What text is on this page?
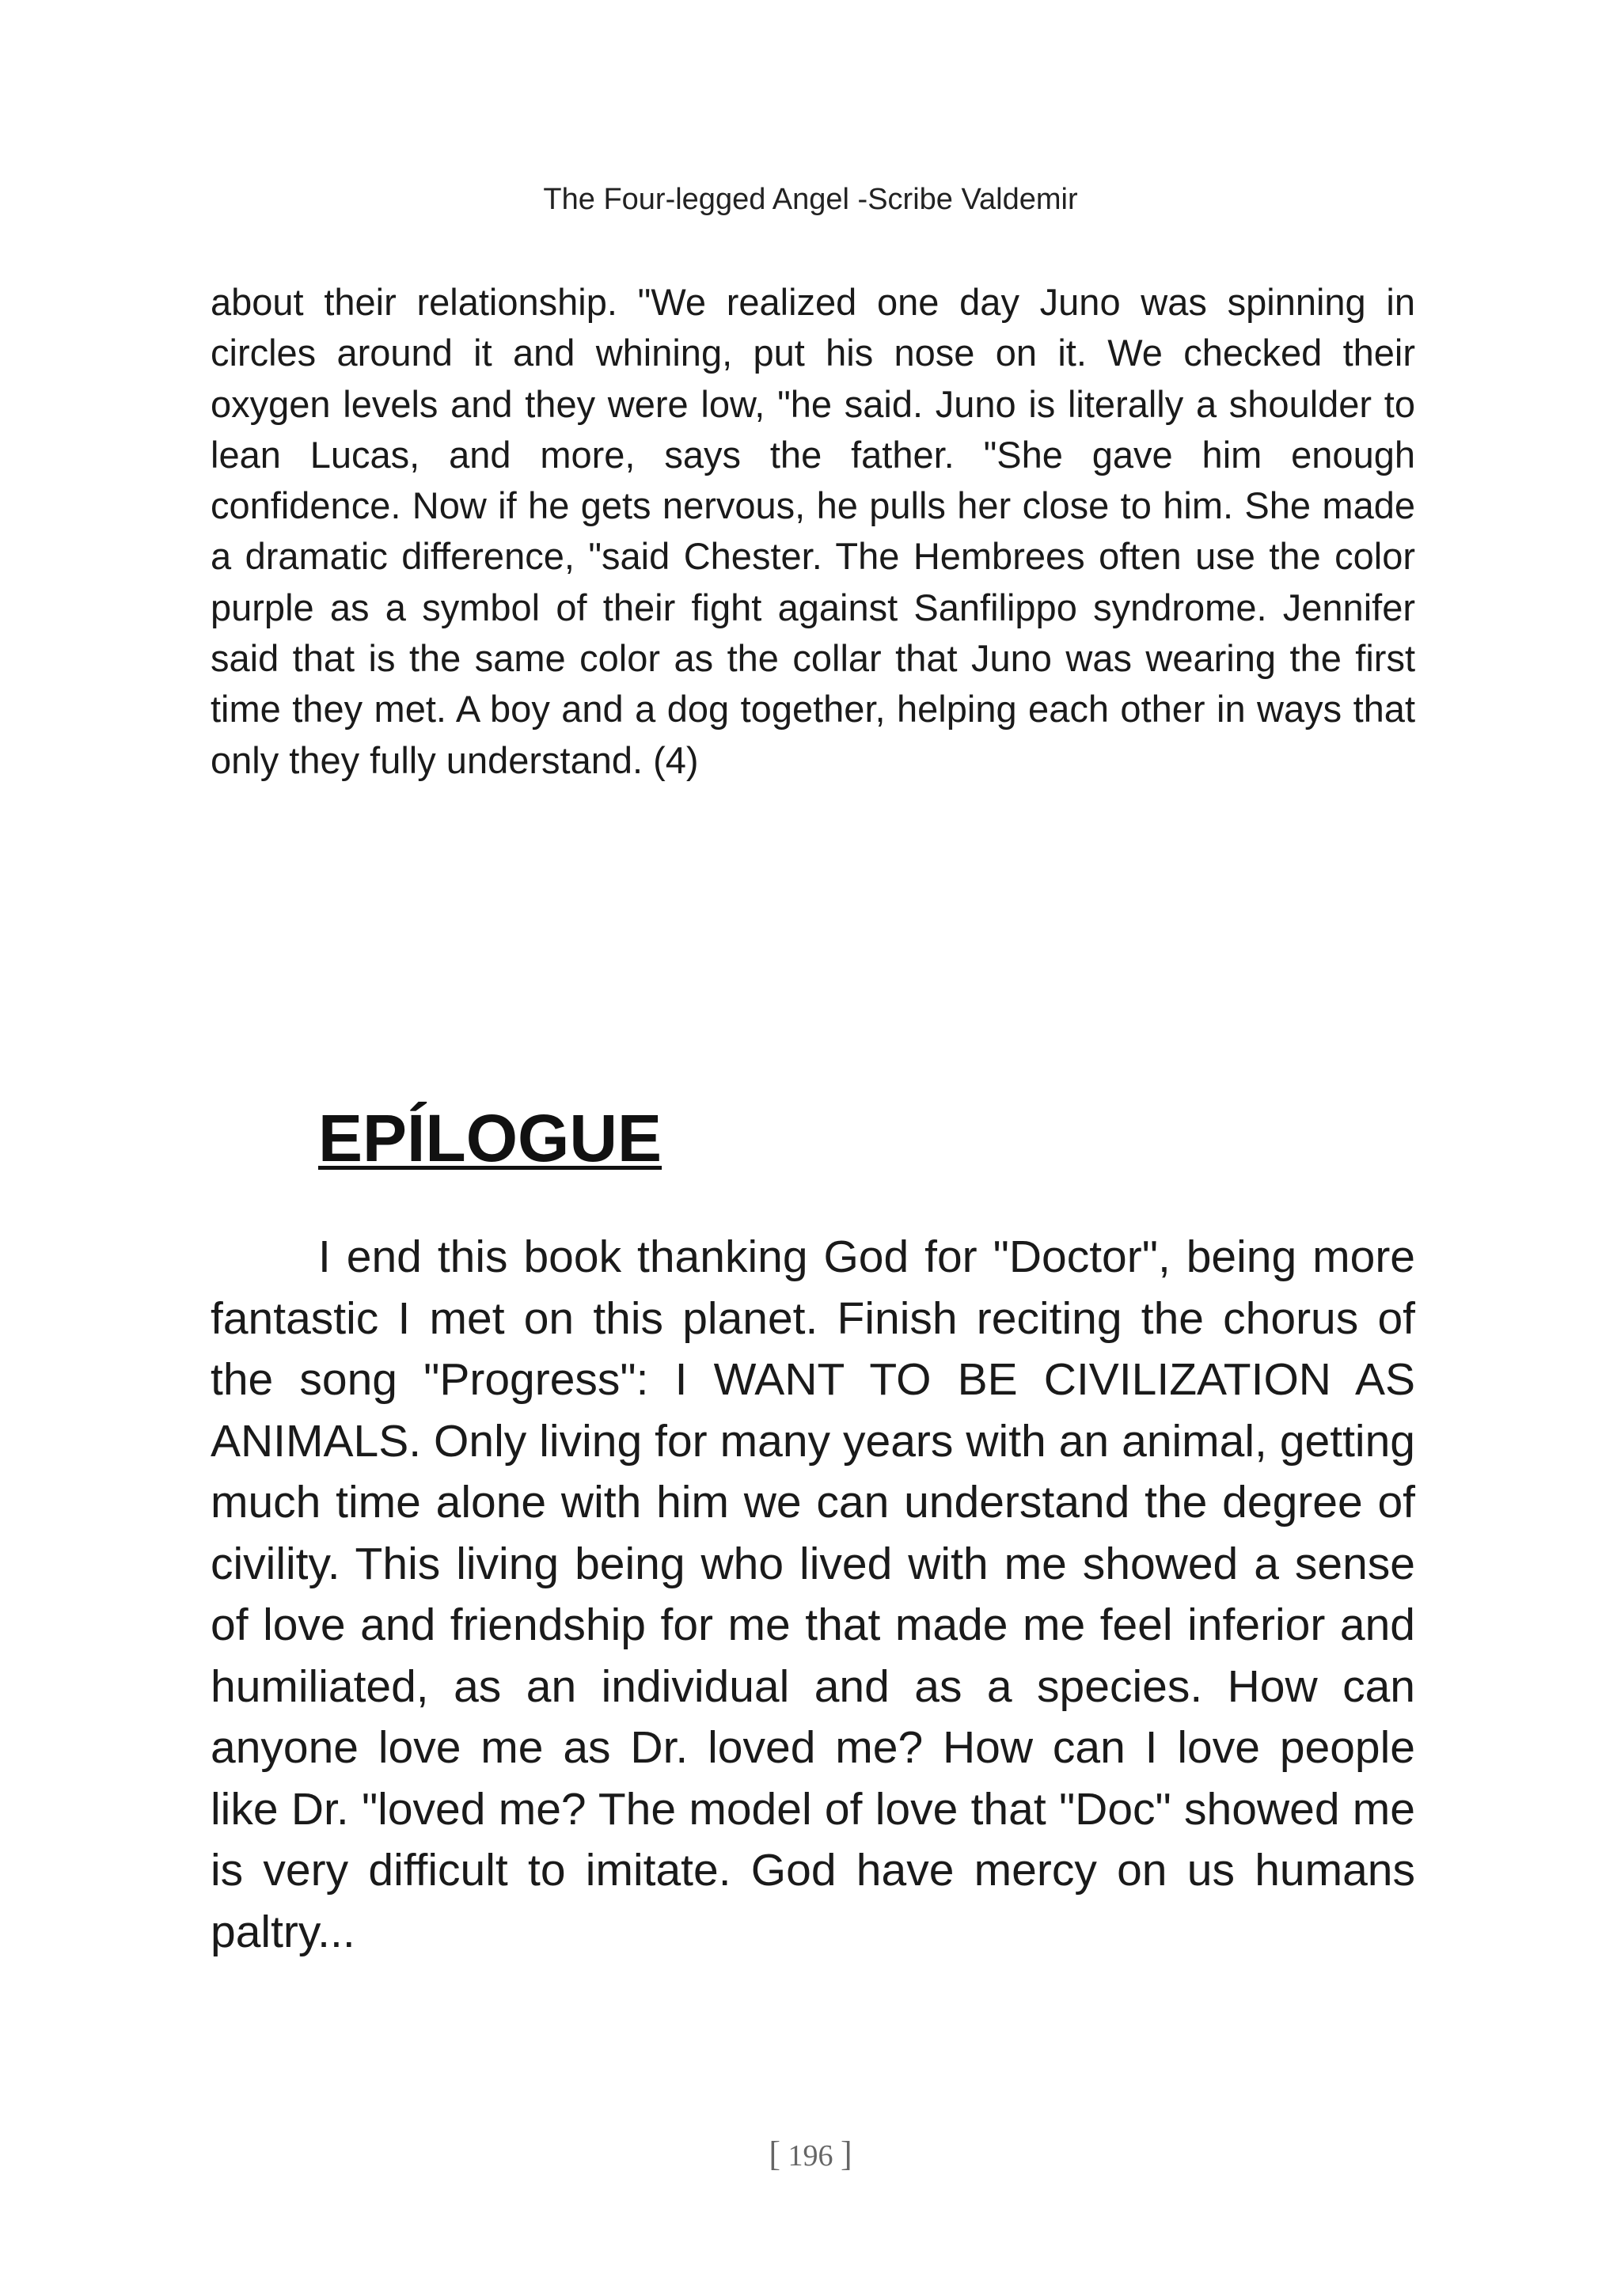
The Four-legged Angel -Scribe Valdemir

about their relationship. "We realized one day Juno was spinning in circles around it and whining, put his nose on it. We checked their oxygen levels and they were low, "he said. Juno is literally a shoulder to lean Lucas, and more, says the father. "She gave him enough confidence. Now if he gets nervous, he pulls her close to him. She made a dramatic difference, "said Chester. The Hembrees often use the color purple as a symbol of their fight against Sanfilippo syndrome. Jennifer said that is the same color as the collar that Juno was wearing the first time they met. A boy and a dog together, helping each other in ways that only they fully understand. (4)

EPÍLOGUE

I end this book thanking God for "Doctor", being more fantastic I met on this planet. Finish reciting the chorus of the song "Progress": I WANT TO BE CIVILIZATION AS ANIMALS. Only living for many years with an animal, getting much time alone with him we can understand the degree of civility. This living being who lived with me showed a sense of love and friendship for me that made me feel inferior and humiliated, as an individual and as a species. How can anyone love me as Dr. loved me? How can I love people like Dr. "loved me? The model of love that "Doc" showed me is very difficult to imitate. God have mercy on us humans paltry...

[ 196 ]
